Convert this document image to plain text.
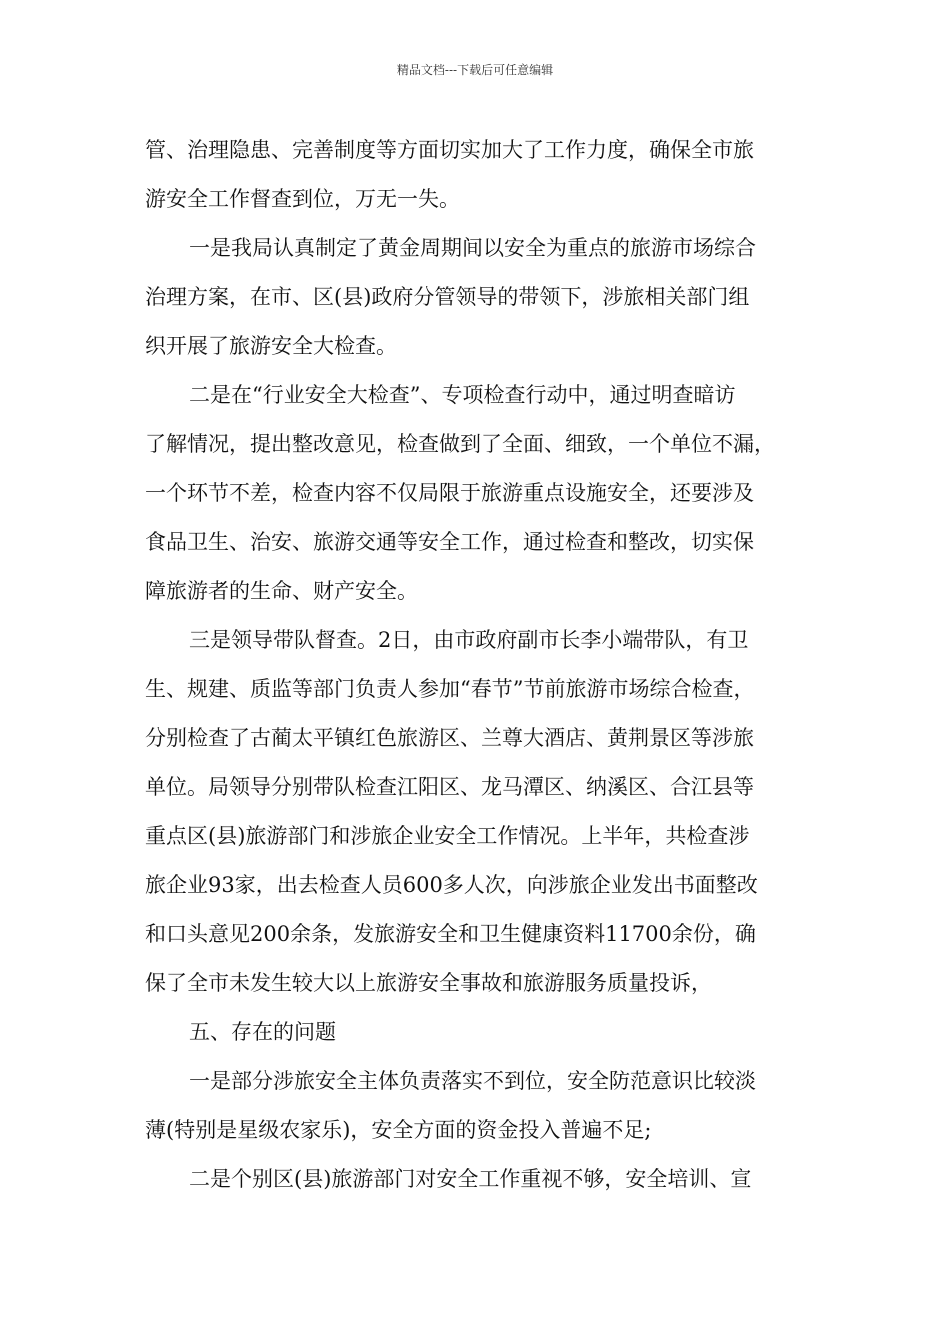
精品文档---下载后可任意编辑
管、治理隐患、完善制度等方面切实加大了工作力度，确保全市旅
游安全工作督查到位，万无一失。
一是我局认真制定了黄金周期间以安全为重点的旅游市场综合
治理方案，在市、区(县)政府分管领导的带领下，涉旅相关部门组
织开展了旅游安全大检查。
二是在“行业安全大检查”、专项检查行动中，通过明查暗访
了解情况，提出整改意见，检查做到了全面、细致，一个单位不漏，
一个环节不差，检查内容不仅局限于旅游重点设施安全，还要涉及
食品卫生、治安、旅游交通等安全工作，通过检查和整改，切实保
障旅游者的生命、财产安全。
三是领导带队督查。2日，由市政府副市长李小端带队，有卫
生、规建、质监等部门负责人参加“春节”节前旅游市场综合检查，
分别检查了古蔺太平镇红色旅游区、兰尊大酒店、黄荆景区等涉旅
单位。局领导分别带队检查江阳区、龙马潭区、纳溪区、合江县等
重点区(县)旅游部门和涉旅企业安全工作情况。上半年，共检查涉
旅企业93家，出去检查人员600多人次，向涉旅企业发出书面整改
和口头意见200余条，发旅游安全和卫生健康资料11700余份，确
保了全市未发生较大以上旅游安全事故和旅游服务质量投诉，
五、存在的问题
一是部分涉旅安全主体负责落实不到位，安全防范意识比较淡
薄(特别是星级农家乐)，安全方面的资金投入普遍不足;
二是个别区(县)旅游部门对安全工作重视不够，安全培训、宣
